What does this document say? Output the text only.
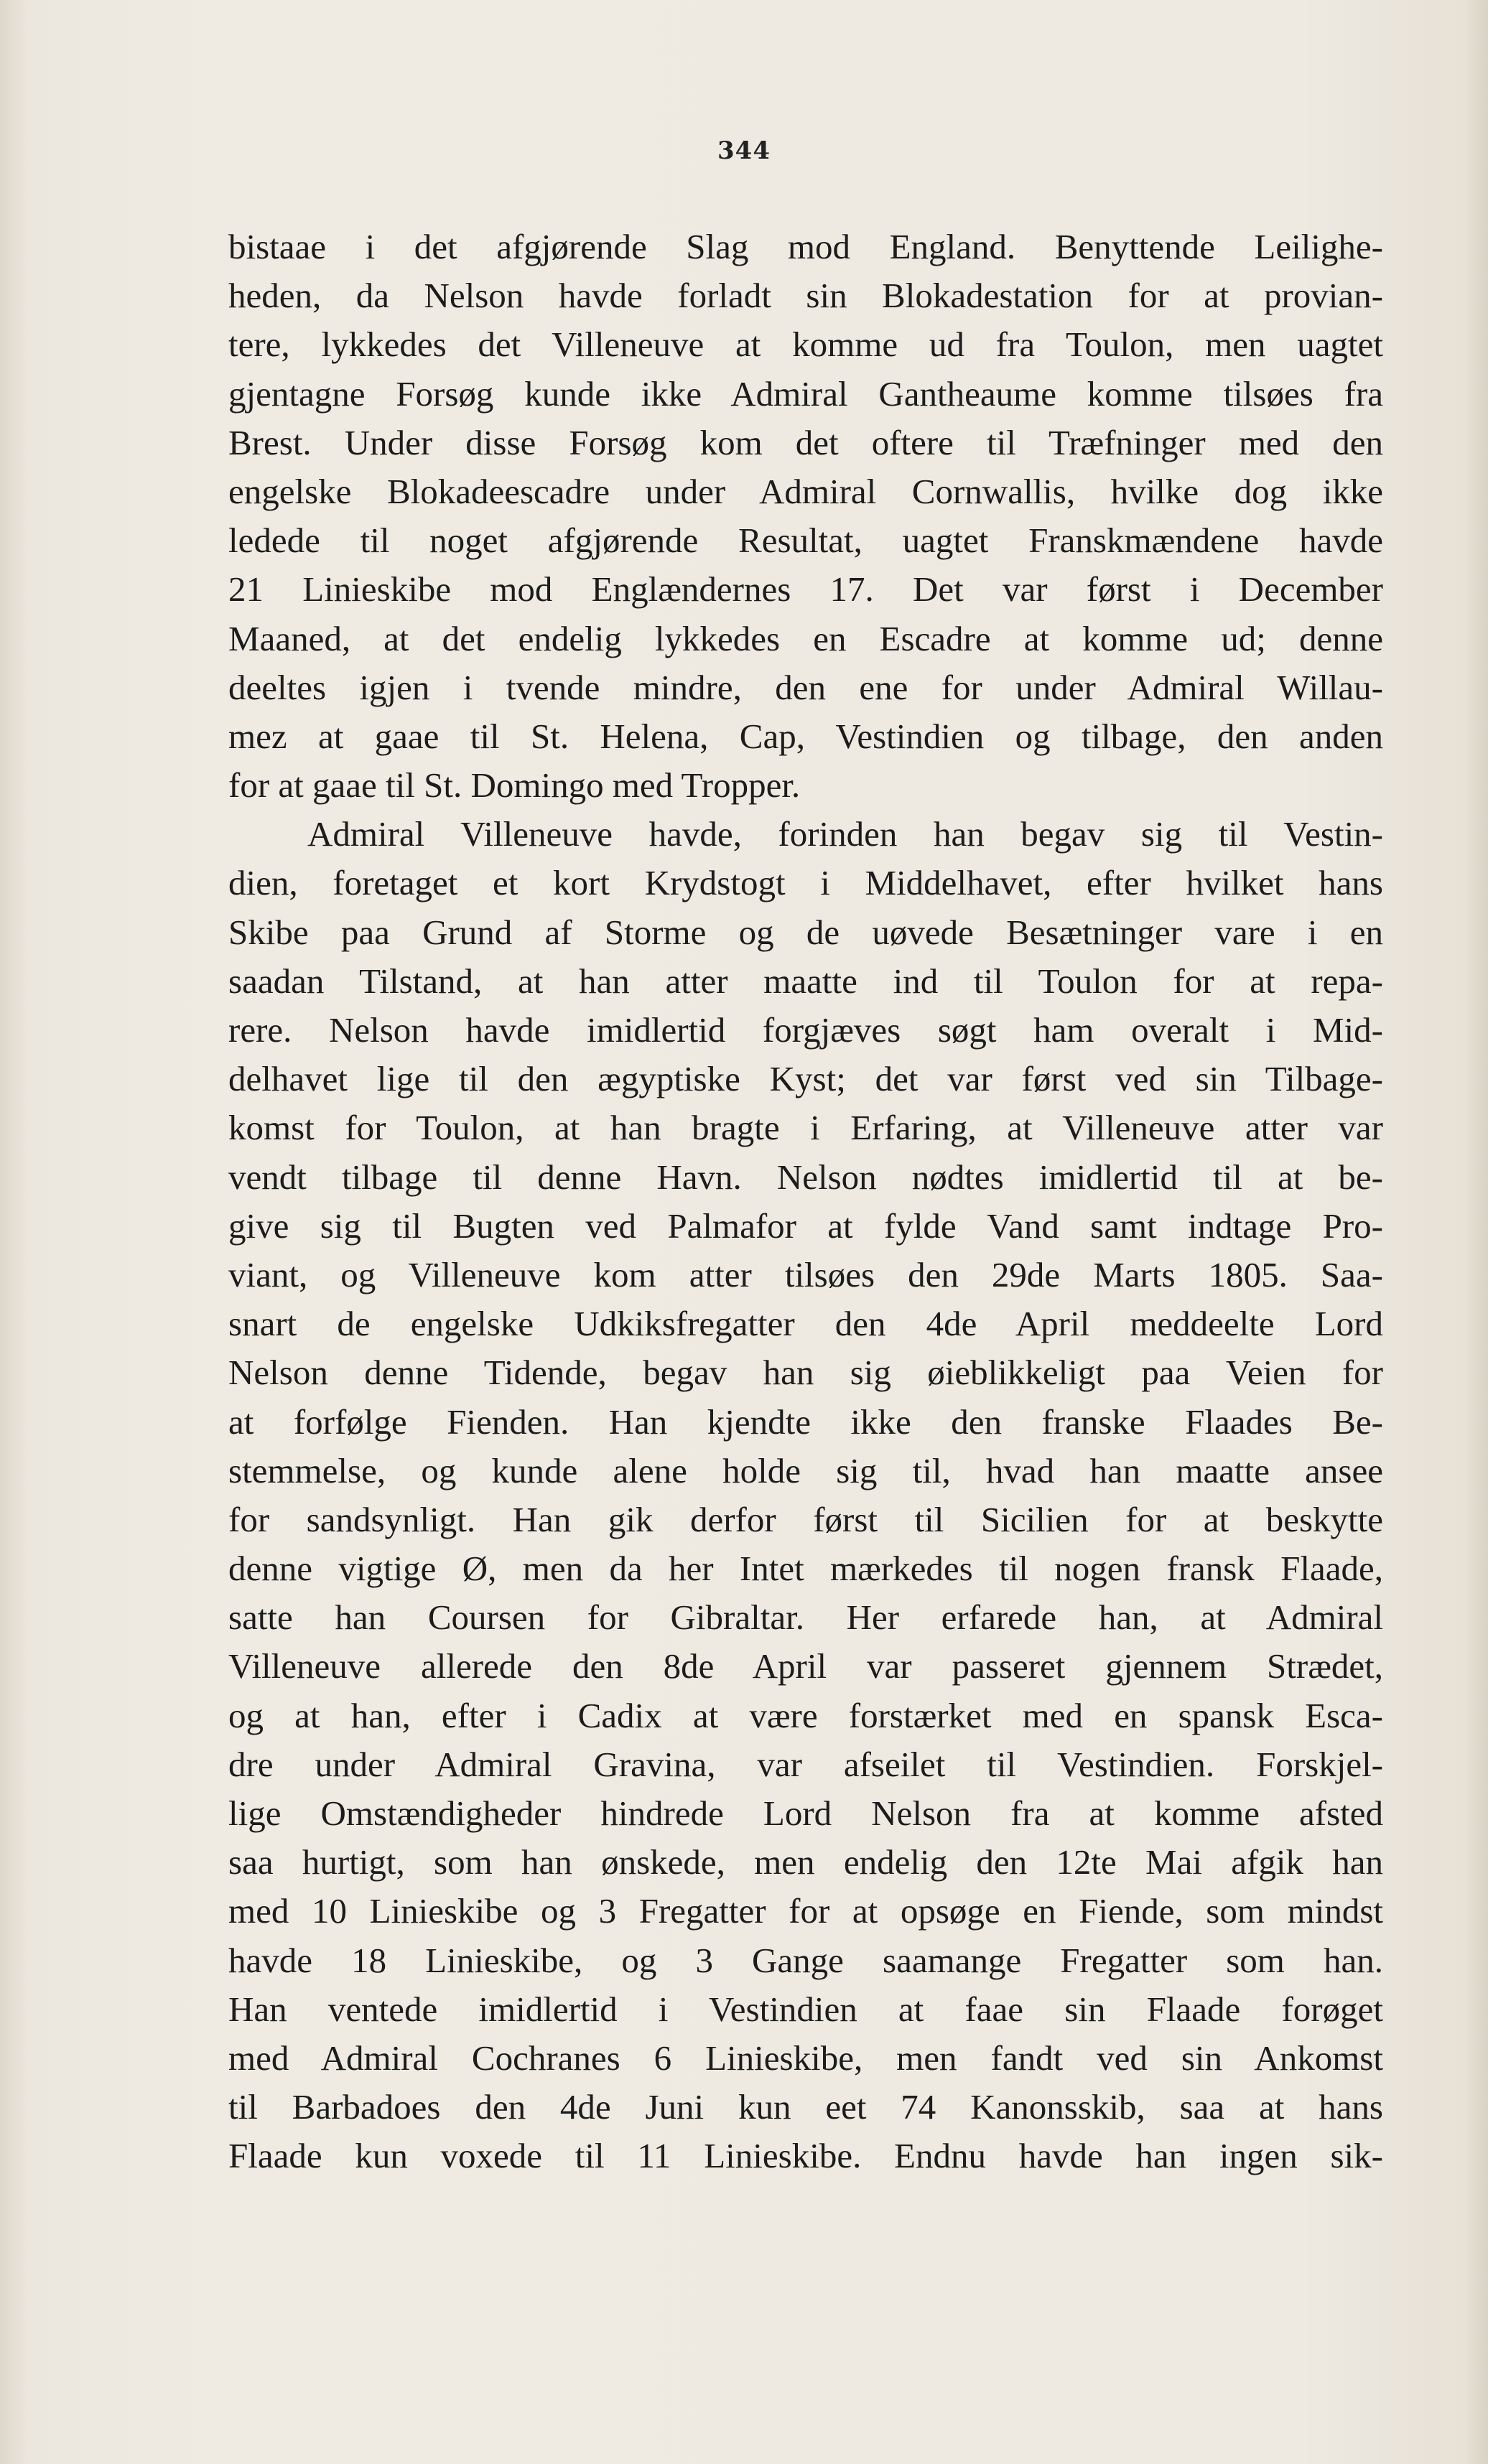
344
bistaae i det afgjørende Slag mod England. Benyttende Leilighe-
heden, da Nelson havde forladt sin Blokadestation for at provian-
tere, lykkedes det Villeneuve at komme ud fra Toulon, men uagtet
gjentagne Forsøg kunde ikke Admiral Gantheaume komme tilsøes fra
Brest. Under disse Forsøg kom det oftere til Træfninger med den
engelske Blokadeescadre under Admiral Cornwallis, hvilke dog ikke
ledede til noget afgjørende Resultat, uagtet Franskmændene havde
21 Linieskibe mod Englændernes 17. Det var først i December
Maaned, at det endelig lykkedes en Escadre at komme ud; denne
deeltes igjen i tvende mindre, den ene for under Admiral Willau-
mez at gaae til St. Helena, Cap, Vestindien og tilbage, den anden
for at gaae til St. Domingo med Tropper.
Admiral Villeneuve havde, forinden han begav sig til Vestin-
dien, foretaget et kort Krydstogt i Middelhavet, efter hvilket hans
Skibe paa Grund af Storme og de uøvede Besætninger vare i en
saadan Tilstand, at han atter maatte ind til Toulon for at repa-
rere. Nelson havde imidlertid forgjæves søgt ham overalt i Mid-
delhavet lige til den ægyptiske Kyst; det var først ved sin Tilbage-
komst for Toulon, at han bragte i Erfaring, at Villeneuve atter var
vendt tilbage til denne Havn. Nelson nødtes imidlertid til at be-
give sig til Bugten ved Palmafor at fylde Vand samt indtage Pro-
viant, og Villeneuve kom atter tilsøes den 29de Marts 1805. Saa-
snart de engelske Udkiksfregatter den 4de April meddeelte Lord
Nelson denne Tidende, begav han sig øieblikkeligt paa Veien for
at forfølge Fienden. Han kjendte ikke den franske Flaades Be-
stemmelse, og kunde alene holde sig til, hvad han maatte ansee
for sandsynligt. Han gik derfor først til Sicilien for at beskytte
denne vigtige Ø, men da her Intet mærkedes til nogen fransk Flaade,
satte han Coursen for Gibraltar. Her erfarede han, at Admiral
Villeneuve allerede den 8de April var passeret gjennem Strædet,
og at han, efter i Cadix at være forstærket med en spansk Esca-
dre under Admiral Gravina, var afseilet til Vestindien. Forskjel-
lige Omstændigheder hindrede Lord Nelson fra at komme afsted
saa hurtigt, som han ønskede, men endelig den 12te Mai afgik han
med 10 Linieskibe og 3 Fregatter for at opsøge en Fiende, som mindst
havde 18 Linieskibe, og 3 Gange saamange Fregatter som han.
Han ventede imidlertid i Vestindien at faae sin Flaade forøget
med Admiral Cochranes 6 Linieskibe, men fandt ved sin Ankomst
til Barbadoes den 4de Juni kun eet 74 Kanonsskib, saa at hans
Flaade kun voxede til 11 Linieskibe. Endnu havde han ingen sik-
